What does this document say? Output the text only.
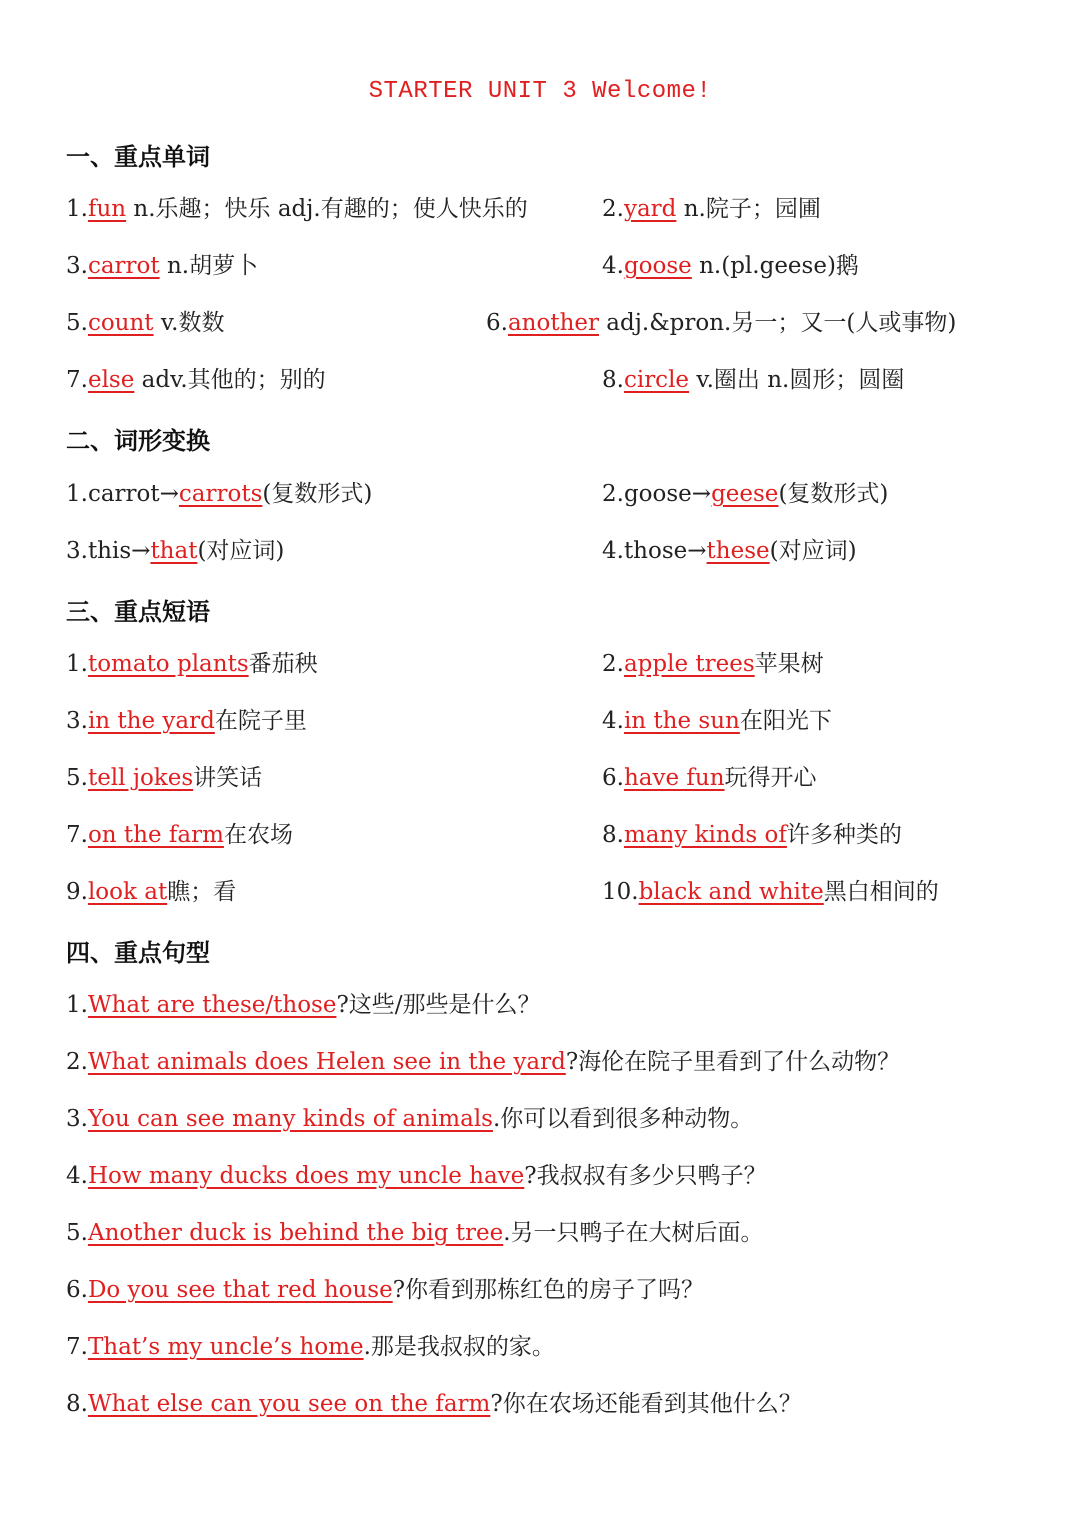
STARTER UNIT 3 Welcome!
一、重点单词
1.fun n.乐趣；快乐 adj.有趣的；使人快乐的	2.yard n.院子；园圃
3.carrot n.胡萝卜	4.goose n.(pl.geese)鹅
5.count v.数数	6.another adj.&pron.另一；又一(人或事物)
7.else adv.其他的；别的	8.circle v.圈出 n.圆形；圆圈
二、词形变换
1.carrot→carrots(复数形式)	2.goose→geese(复数形式)
3.this→that(对应词)	4.those→these(对应词)
三、重点短语
1.tomato plants番茄秧	2.apple trees苹果树
3.in the yard在院子里	4.in the sun在阳光下
5.tell jokes讲笑话	6.have fun玩得开心
7.on the farm在农场	8.many kinds of许多种类的
9.look at瞧；看	10.black and white黑白相间的
四、重点句型
1.What are these/those?这些/那些是什么？
2.What animals does Helen see in the yard?海伦在院子里看到了什么动物？
3.You can see many kinds of animals.你可以看到很多种动物。
4.How many ducks does my uncle have?我叔叔有多少只鸭子？
5.Another duck is behind the big tree.另一只鸭子在大树后面。
6.Do you see that red house?你看到那栋红色的房子了吗？
7.That’s my uncle’s home.那是我叔叔的家。
8.What else can you see on the farm?你在农场还能看到其他什么？
